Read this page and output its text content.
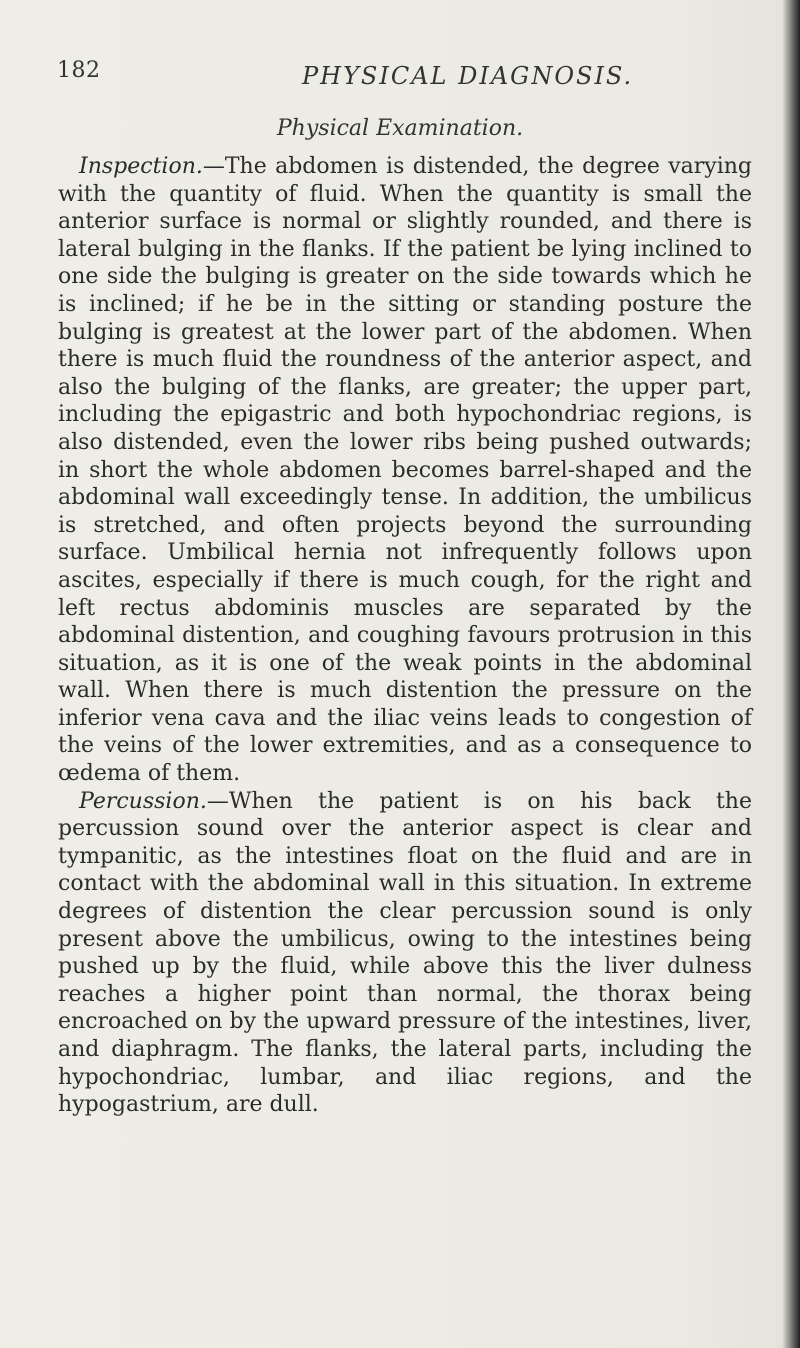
182	PHYSICAL DIAGNOSIS.
Physical Examination.

Inspection.—The abdomen is distended, the degree varying with the quantity of fluid. When the quantity is small the anterior surface is normal or slightly rounded, and there is lateral bulging in the flanks. If the patient be lying inclined to one side the bulging is greater on the side towards which he is inclined; if he be in the sitting or standing posture the bulging is greatest at the lower part of the abdomen. When there is much fluid the roundness of the anterior aspect, and also the bulging of the flanks, are greater; the upper part, including the epigastric and both hypochondriac regions, is also distended, even the lower ribs being pushed outwards; in short the whole abdomen becomes barrel-shaped and the abdominal wall exceedingly tense. In addition, the umbilicus is stretched, and often projects beyond the surrounding surface. Umbilical hernia not infrequently follows upon ascites, especially if there is much cough, for the right and left rectus abdominis muscles are separated by the abdominal distention, and coughing favours protrusion in this situation, as it is one of the weak points in the abdominal wall. When there is much distention the pressure on the inferior vena cava and the iliac veins leads to congestion of the veins of the lower extremities, and as a consequence to œdema of them.

Percussion.—When the patient is on his back the percussion sound over the anterior aspect is clear and tympanitic, as the intestines float on the fluid and are in contact with the abdominal wall in this situation. In extreme degrees of distention the clear percussion sound is only present above the umbilicus, owing to the intestines being pushed up by the fluid, while above this the liver dulness reaches a higher point than normal, the thorax being encroached on by the upward pressure of the intestines, liver, and diaphragm. The flanks, the lateral parts, including the hypochondriac, lumbar, and iliac regions, and the hypogastrium, are dull.
